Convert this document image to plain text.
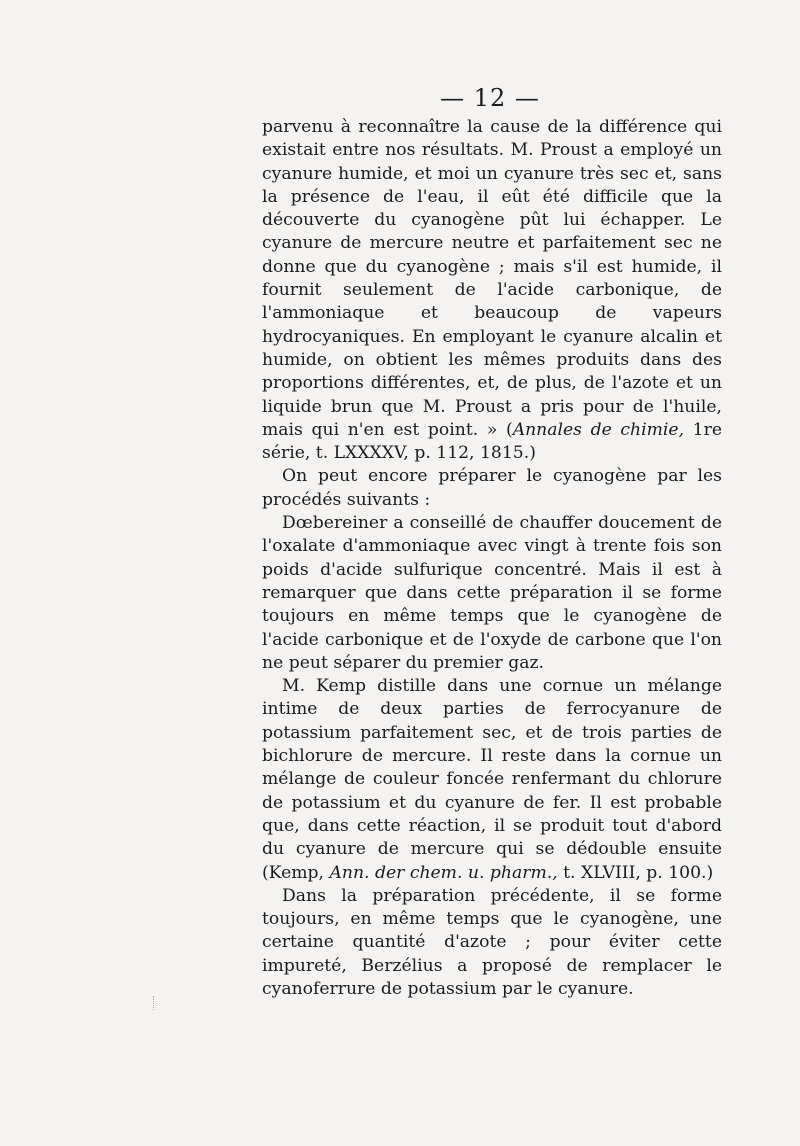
— 12 —

parvenu à reconnaître la cause de la différence qui existait entre nos résultats. M. Proust a employé un cyanure humide, et moi un cyanure très sec et, sans la présence de l'eau, il eût été difficile que la découverte du cyanogène pût lui échapper. Le cyanure de mercure neutre et parfaitement sec ne donne que du cyanogène ; mais s'il est humide, il fournit seulement de l'acide carbonique, de l'ammoniaque et beaucoup de vapeurs hydrocyaniques. En employant le cyanure alcalin et humide, on obtient les mêmes produits dans des proportions différentes, et, de plus, de l'azote et un liquide brun que M. Proust a pris pour de l'huile, mais qui n'en est point. » (Annales de chimie, 1re série, t. LXXXXV, p. 112, 1815.)

On peut encore préparer le cyanogène par les procédés suivants :

Dœbereiner a conseillé de chauffer doucement de l'oxalate d'ammoniaque avec vingt à trente fois son poids d'acide sulfurique concentré. Mais il est à remarquer que dans cette préparation il se forme toujours en même temps que le cyanogène de l'acide carbonique et de l'oxyde de carbone que l'on ne peut séparer du premier gaz.

M. Kemp distille dans une cornue un mélange intime de deux parties de ferrocyanure de potassium parfaitement sec, et de trois parties de bichlorure de mercure. Il reste dans la cornue un mélange de couleur foncée renfermant du chlorure de potassium et du cyanure de fer. Il est probable que, dans cette réaction, il se produit tout d'abord du cyanure de mercure qui se dédouble ensuite (Kemp, Ann. der chem. u. pharm., t. XLVIII, p. 100.)

Dans la préparation précédente, il se forme toujours, en même temps que le cyanogène, une certaine quantité d'azote ; pour éviter cette impureté, Berzélius a proposé de remplacer le cyanoferrure de potassium par le cyanure.
